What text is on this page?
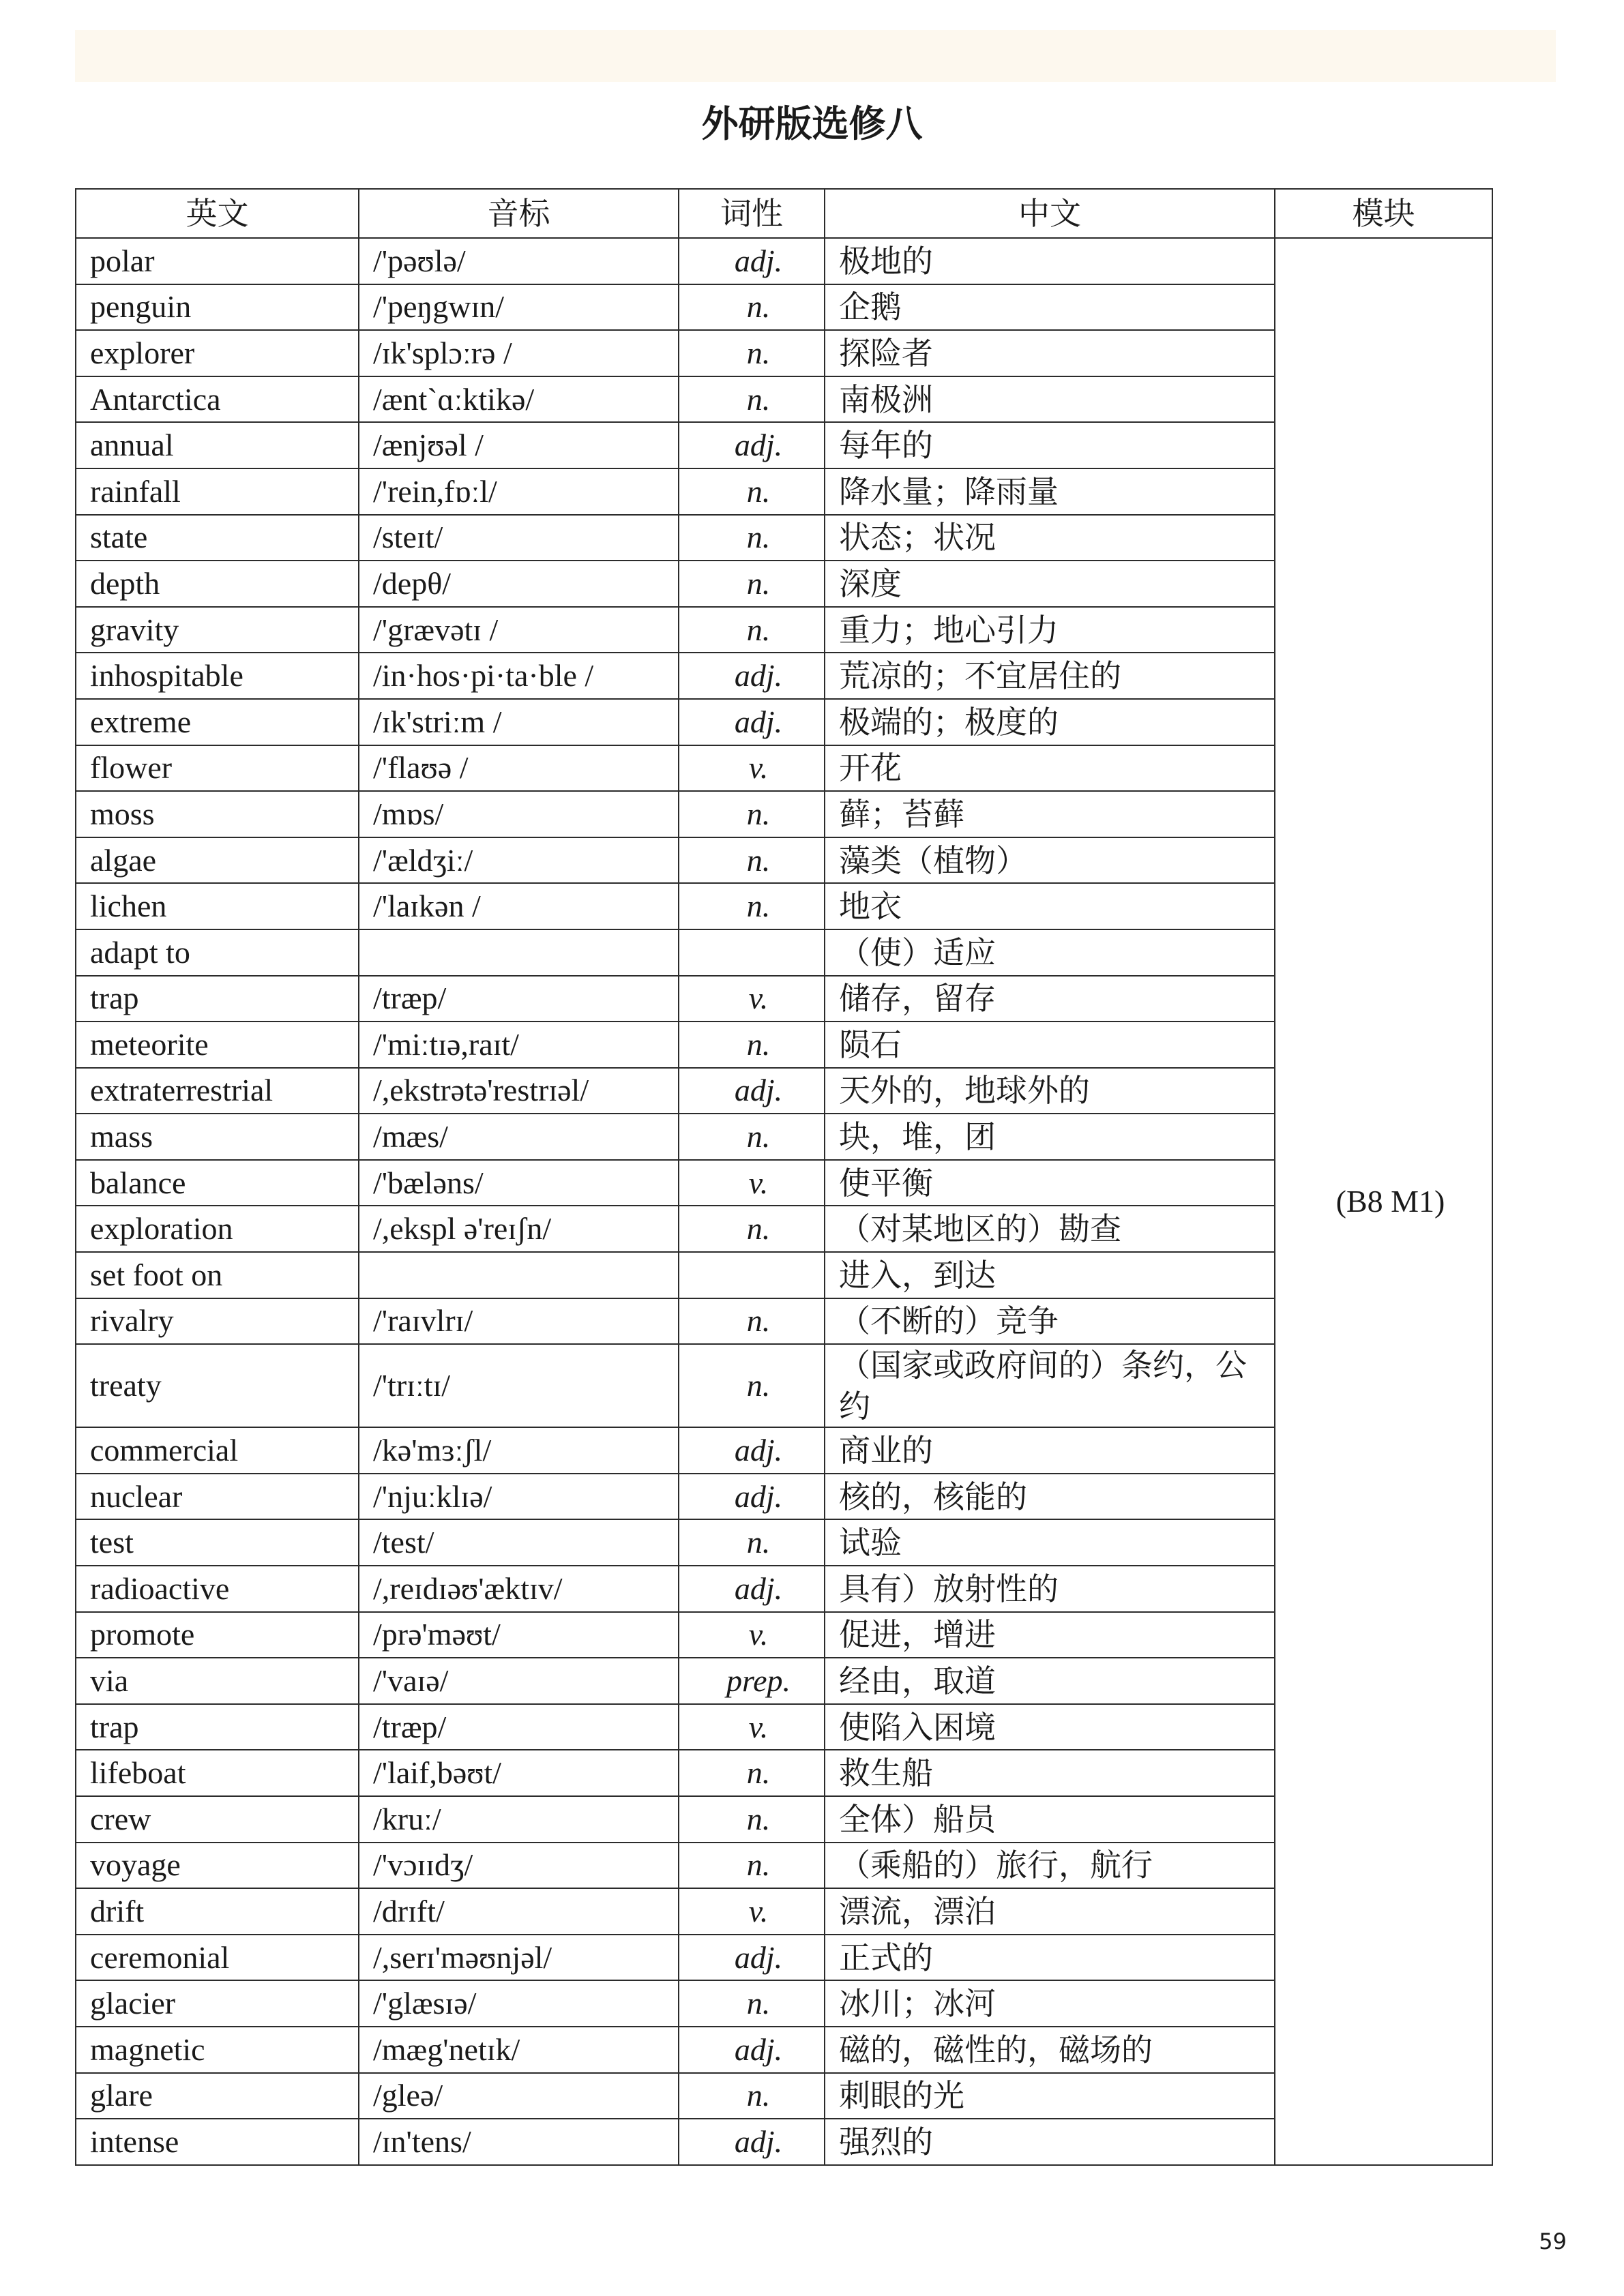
外研版选修八
英文	音标	词性	中文	模块
polar	/'pəʊlə/	adj.	极地的	(B8 M1)
penguin	/'peŋgwɪn/	n.	企鹅	
explorer	/ɪk'splɔːrə /	n.	探险者	
Antarctica	/ænt`ɑːktikə/	n.	南极洲	
annual	/ænjʊəl /	adj.	每年的	
rainfall	/'rein,fɒːl/	n.	降水量；降雨量	
state	/steɪt/	n.	状态；状况	
depth	/depθ/	n.	深度	
gravity	/'grævətɪ /	n.	重力；地心引力	
inhospitable	/in·hos·pi·ta·ble /	adj.	荒凉的；不宜居住的	
extreme	/ɪk'striːm /	adj.	极端的；极度的	
flower	/'flaʊə /	v.	开花	
moss	/mɒs/	n.	藓；苔藓	
algae	/'ældʒiː/	n.	藻类（植物）	
lichen	/'laɪkən /	n.	地衣	
adapt to			（使）适应	
trap	/træp/	v.	储存，留存	
meteorite	/'miːtɪə,raɪt/	n.	陨石	
extraterrestrial	/,ekstrətə'restrɪəl/	adj.	天外的，地球外的	
mass	/mæs/	n.	块，堆，团	
balance	/'bæləns/	v.	使平衡	
exploration	/,ekspl ə'reɪʃn/	n.	（对某地区的）勘查	
set foot on			进入，到达	
rivalry	/'raɪvlrɪ/	n.	（不断的）竞争	
treaty	/'trɪːtɪ/	n.	（国家或政府间的）条约，公约	
commercial	/kə'mɜːʃl/	adj.	商业的	
nuclear	/'njuːklɪə/	adj.	核的，核能的	
test	/test/	n.	试验	
radioactive	/,reɪdɪəʊ'æktɪv/	adj.	具有）放射性的	
promote	/prə'məʊt/	v.	促进，增进	
via	/'vaɪə/	prep.	经由，取道	
trap	/træp/	v.	使陷入困境	
lifeboat	/'laif,bəʊt/	n.	救生船	
crew	/kruː/	n.	全体）船员	
voyage	/'vɔɪɪdʒ/	n.	（乘船的）旅行，航行	
drift	/drɪft/	v.	漂流，漂泊	
ceremonial	/,serɪ'məʊnjəl/	adj.	正式的	
glacier	/'glæsɪə/	n.	冰川；冰河	
magnetic	/mæg'netɪk/	adj.	磁的，磁性的，磁场的	
glare	/gleə/	n.	刺眼的光	
intense	/ɪn'tens/	adj.	强烈的	
59
